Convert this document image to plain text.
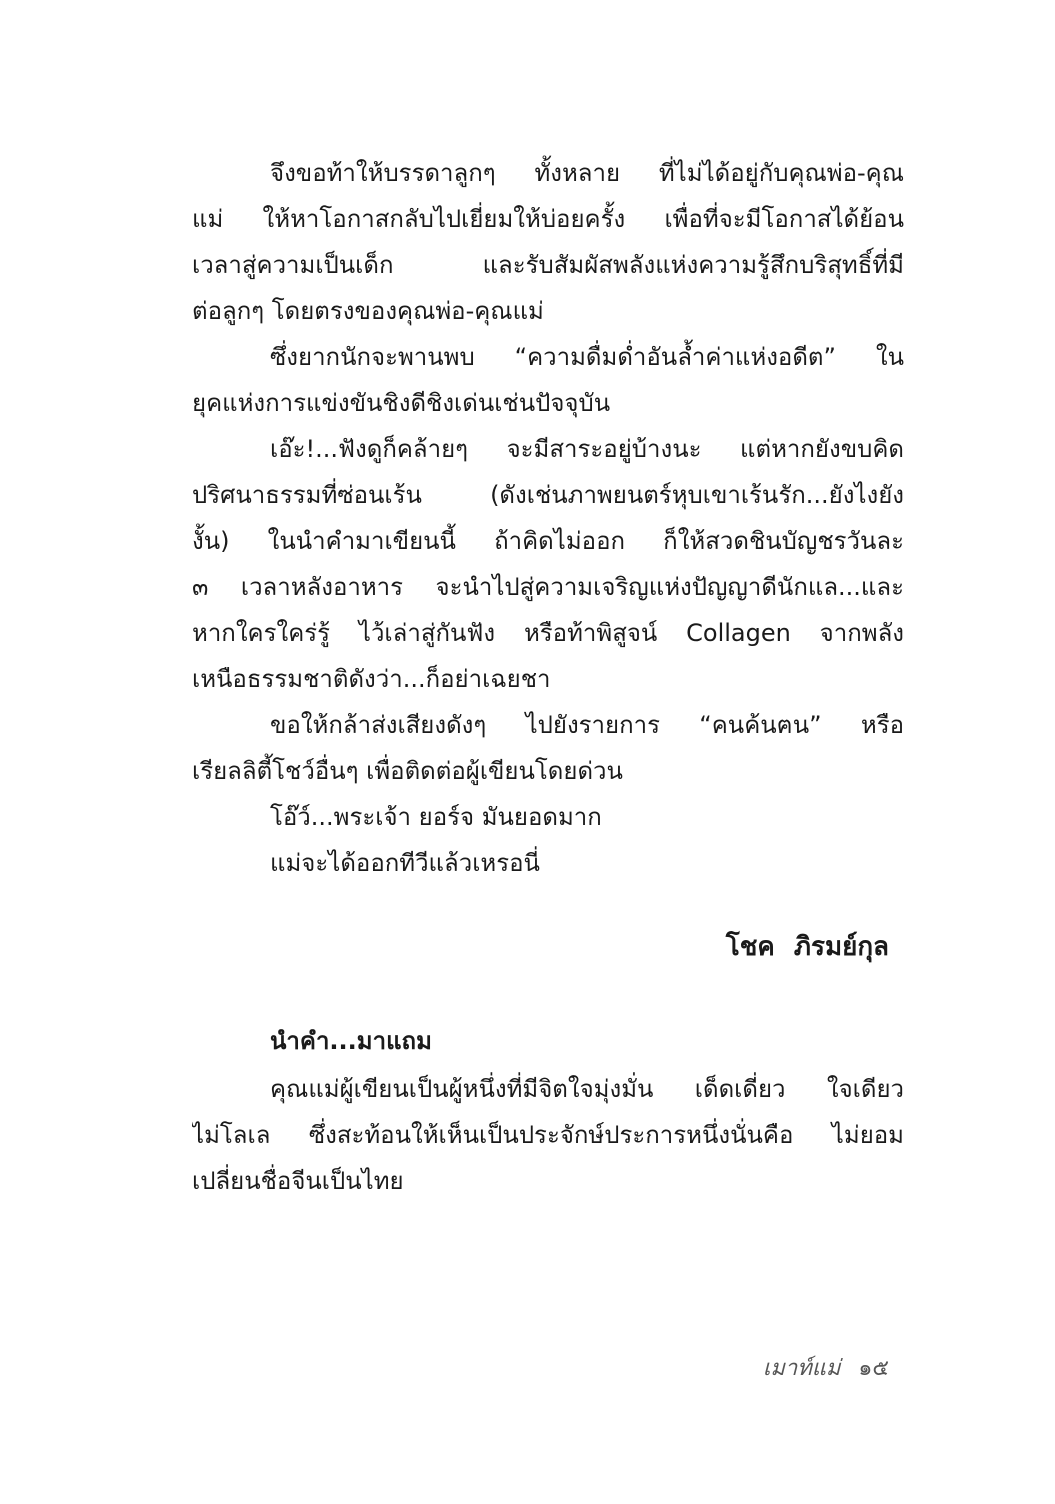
จึงขอท้าให้บรรดาลูกๆ ทั้งหลาย ที่ไม่ได้อยู่กับคุณพ่อ-คุณ
แม่ ให้หาโอกาสกลับไปเยี่ยมให้บ่อยครั้ง เพื่อที่จะมีโอกาสได้ย้อน
เวลาสู่ความเป็นเด็ก และรับสัมผัสพลังแห่งความรู้สึกบริสุทธิ์ที่มี
ต่อลูกๆ โดยตรงของคุณพ่อ-คุณแม่
ซึ่งยากนักจะพานพบ “ความดื่มด่ำอันล้ำค่าแห่งอดีต” ใน
ยุคแห่งการแข่งขันชิงดีชิงเด่นเช่นปัจจุบัน
เอ๊ะ!...ฟังดูก็คล้ายๆ จะมีสาระอยู่บ้างนะ แต่หากยังขบคิด
ปริศนาธรรมที่ซ่อนเร้น (ดังเช่นภาพยนตร์หุบเขาเร้นรัก...ยังไงยัง
งั้น) ในนำคำมาเขียนนี้ ถ้าคิดไม่ออก ก็ให้สวดชินบัญชรวันละ
๓ เวลาหลังอาหาร จะนำไปสู่ความเจริญแห่งปัญญาดีนักแล...และ
หากใครใคร่รู้ ไว้เล่าสู่กันฟัง หรือท้าพิสูจน์ Collagen จากพลัง
เหนือธรรมชาติดังว่า...ก็อย่าเฉยชา
ขอให้กล้าส่งเสียงดังๆ ไปยังรายการ “คนค้นฅน” หรือ
เรียลลิตี้โชว์อื่นๆ เพื่อติดต่อผู้เขียนโดยด่วน
โอ๊ว์...พระเจ้า ยอร์จ มันยอดมาก
แม่จะได้ออกทีวีแล้วเหรอนี่
โชค ภิรมย์กุล
นำคำ...มาแถม
คุณแม่ผู้เขียนเป็นผู้หนึ่งที่มีจิตใจมุ่งมั่น เด็ดเดี่ยว ใจเดียว
ไม่โลเล ซึ่งสะท้อนให้เห็นเป็นประจักษ์ประการหนึ่งนั่นคือ ไม่ยอม
เปลี่ยนชื่อจีนเป็นไทย
เมาท์แม่ ๑๕
